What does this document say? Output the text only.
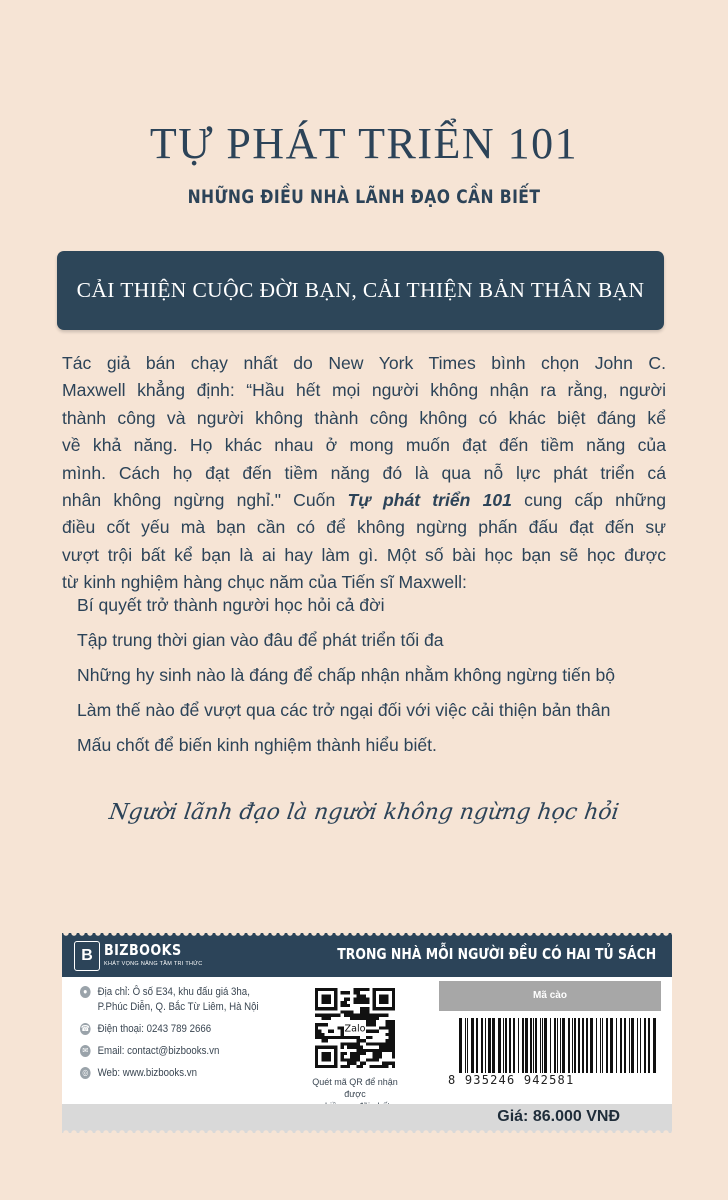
TỰ PHÁT TRIỂN 101
NHỮNG ĐIỀU NHÀ LÃNH ĐẠO CẦN BIẾT
CẢI THIỆN CUỘC ĐỜI BẠN, CẢI THIỆN BẢN THÂN BẠN
Tác giả bán chạy nhất do New York Times bình chọn John C.
Maxwell khẳng định: “Hầu hết mọi người không nhận ra rằng, người
thành công và người không thành công không có khác biệt đáng kể
về khả năng. Họ khác nhau ở mong muốn đạt đến tiềm năng của
mình. Cách họ đạt đến tiềm năng đó là qua nỗ lực phát triển cá
nhân không ngừng nghỉ." Cuốn Tự phát triển 101 cung cấp những
điều cốt yếu mà bạn cần có để không ngừng phấn đấu đạt đến sự
vượt trội bất kể bạn là ai hay làm gì. Một số bài học bạn sẽ học được
từ kinh nghiệm hàng chục năm của Tiến sĩ Maxwell:
Bí quyết trở thành người học hỏi cả đời
Tập trung thời gian vào đâu để phát triển tối đa
Những hy sinh nào là đáng để chấp nhận nhằm không ngừng tiến bộ
Làm thế nào để vượt qua các trở ngại đối với việc cải thiện bản thân
Mấu chốt để biến kinh nghiệm thành hiểu biết.
Người lãnh đạo là người không ngừng học hỏi
B BIZBOOKS
KHÁT VỌNG NÂNG TẦM TRI THỨC
TRONG NHÀ MỖI NGƯỜI ĐỀU CÓ HAI TỦ SÁCH
● Địa chỉ: Ô số E34, khu đấu giá 3ha,
P.Phúc Diễn, Q. Bắc Từ Liêm, Hà Nội
☎ Điện thoại: 0243 789 2666
✉ Email: contact@bizbooks.vn
◎ Web: www.bizbooks.vn
Zalo
Quét mã QR để nhận được

Mã cào
8 935246 942581
Giá: 86.000 VNĐ
